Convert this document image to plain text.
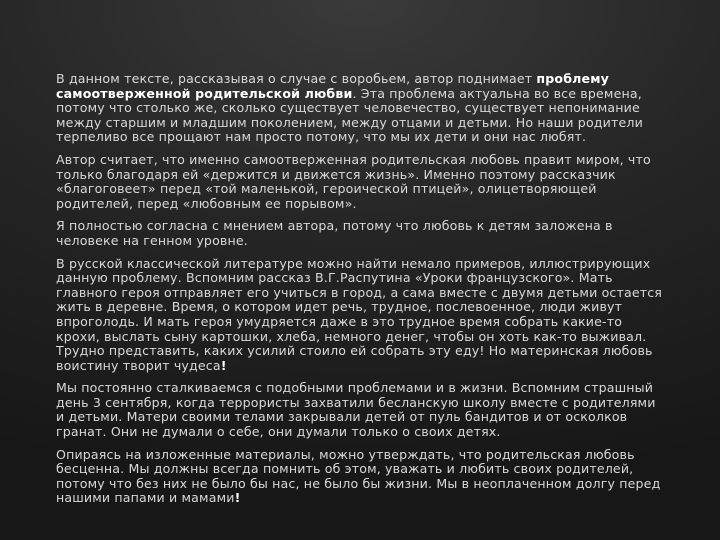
В данном тексте, рассказывая о случае с воробьем, автор поднимает проблему самоотверженной родительской любви. Эта проблема актуальна во все времена, потому что столько же, сколько существует человечество, существует непонимание между старшим и младшим поколением, между отцами и детьми. Но наши родители терпеливо все прощают нам просто потому, что мы их дети и они нас любят.

Автор считает, что именно самоотверженная родительская любовь правит миром, что только благодаря ей «держится и движется жизнь». Именно поэтому рассказчик «благоговеет» перед «той маленькой, героической птицей», олицетворяющей родителей, перед «любовным ее порывом».

Я полностью согласна с мнением автора, потому что любовь к детям заложена в человеке на генном уровне.

В русской классической литературе можно найти немало примеров, иллюстрирующих данную проблему. Вспомним рассказ В.Г.Распутина «Уроки французского». Мать главного героя отправляет его учиться в город, а сама вместе с двумя детьми остается жить в деревне. Время, о котором идет речь, трудное, послевоенное, люди живут впроголодь. И мать героя умудряется даже в это трудное время собрать какие-то крохи, выслать сыну картошки, хлеба, немного денег, чтобы он хоть как-то выживал. Трудно представить, каких усилий стоило ей собрать эту еду! Но материнская любовь воистину творит чудеса!

Мы постоянно сталкиваемся с подобными проблемами и в жизни. Вспомним страшный день 3 сентября, когда террористы захватили бесланскую школу вместе с родителями и детьми. Матери своими телами закрывали детей от пуль бандитов и от осколков гранат. Они не думали о себе, они думали только о своих детях.

Опираясь на изложенные материалы, можно утверждать, что родительская любовь бесценна. Мы должны всегда помнить об этом, уважать и любить своих родителей, потому что без них не было бы нас, не было бы жизни. Мы в неоплаченном долгу перед нашими папами и мамами!
